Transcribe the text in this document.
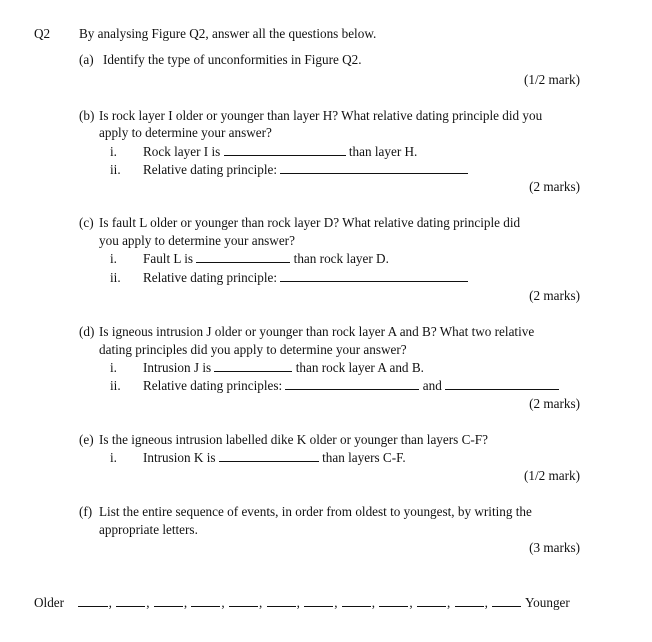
Q2 By analysing Figure Q2, answer all the questions below.
(a) Identify the type of unconformities in Figure Q2.
(1/2 mark)
(b) Is rock layer I older or younger than layer H? What relative dating principle did you
apply to determine your answer?
i. Rock layer I is	than layer H.
ii. Relative dating principle:
(2 marks)
(c) Is fault L older or younger than rock layer D? What relative dating principle did
you apply to determine your answer?
i. Fault L is	than rock layer D.
ii. Relative dating principle:
(2 marks)
(d) Is igneous intrusion J older or younger than rock layer A and B? What two relative
dating principles did you apply to determine your answer?
i. Intrusion J is	than rock layer A and B.
ii. Relative dating principles:	and
(2 marks)
(e) Is the igneous intrusion labelled dike K older or younger than layers C-F?
i. Intrusion K is	than layers C-F.
(1/2 mark)
(f) List the entire sequence of events, in order from oldest to youngest, by writing the
appropriate letters.
(3 marks)
Older	,	,	,	,	,	,	,	,	,	,	,	Younger
